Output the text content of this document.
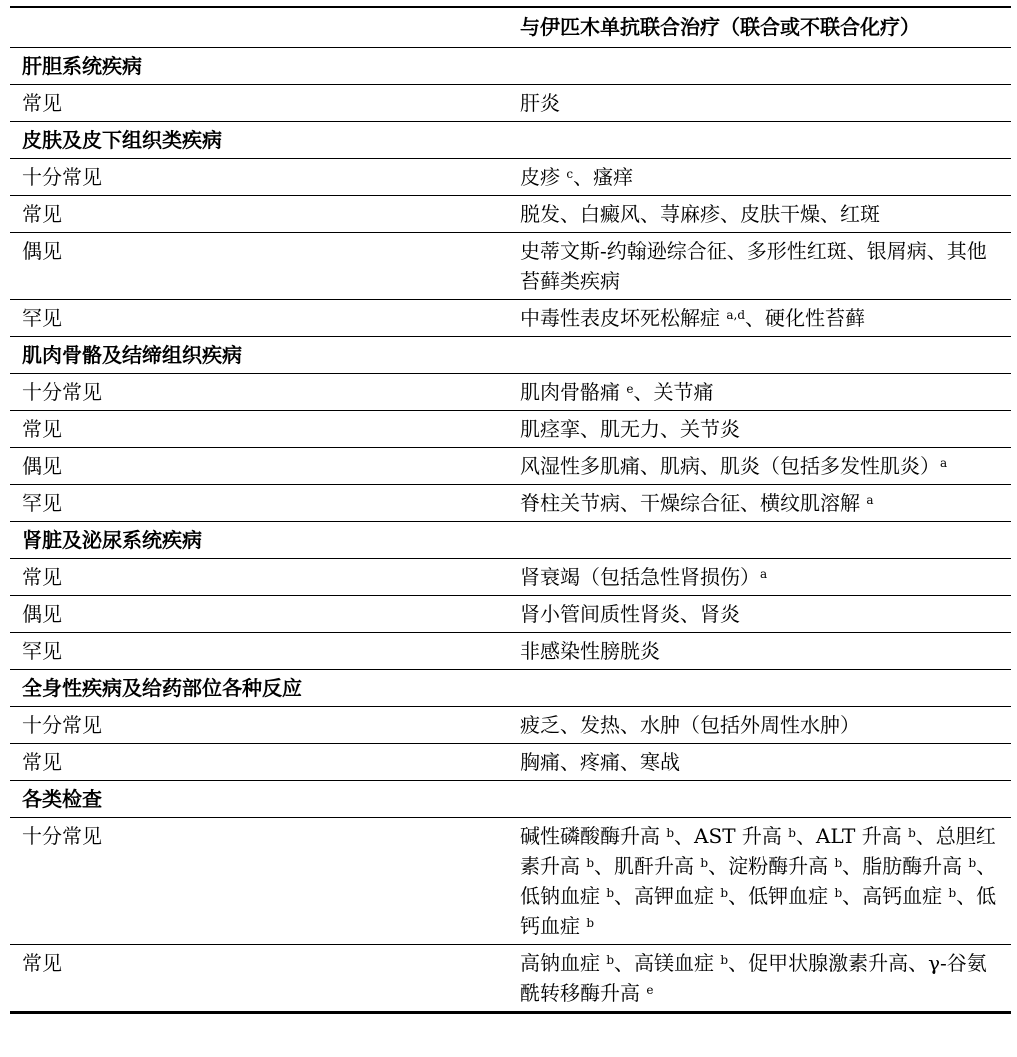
	与伊匹木单抗联合治疗（联合或不联合化疗）
肝胆系统疾病	
常见	肝炎
皮肤及皮下组织类疾病	
十分常见	皮疹 $^c$、瘙痒
常见	脱发、白癜风、荨麻疹、皮肤干燥、红斑
偶见	史蒂文斯-约翰逊综合征、多形性红斑、银屑病、其他苔藓类疾病
罕见	中毒性表皮坏死松解症 $^{a,d}$、硬化性苔藓
肌肉骨骼及结缔组织疾病	
十分常见	肌肉骨骼痛 $^e$、关节痛
常见	肌痉挛、肌无力、关节炎
偶见	风湿性多肌痛、肌病、肌炎（包括多发性肌炎）$^a$
罕见	脊柱关节病、干燥综合征、横纹肌溶解 $^a$
肾脏及泌尿系统疾病	
常见	肾衰竭（包括急性肾损伤）$^a$
偶见	肾小管间质性肾炎、肾炎
罕见	非感染性膀胱炎
全身性疾病及给药部位各种反应	
十分常见	疲乏、发热、水肿（包括外周性水肿）
常见	胸痛、疼痛、寒战
各类检查	
十分常见	碱性磷酸酶升高 $^b$、AST 升高 $^b$、ALT 升高 $^b$、总胆红素升高 $^b$、肌酐升高 $^b$、淀粉酶升高 $^b$、脂肪酶升高 $^b$、低钠血症 $^b$、高钾血症 $^b$、低钾血症 $^b$、高钙血症 $^b$、低钙血症 $^b$
常见	高钠血症 $^b$、高镁血症 $^b$、促甲状腺激素升高、γ-谷氨酰转移酶升高 $^e$
